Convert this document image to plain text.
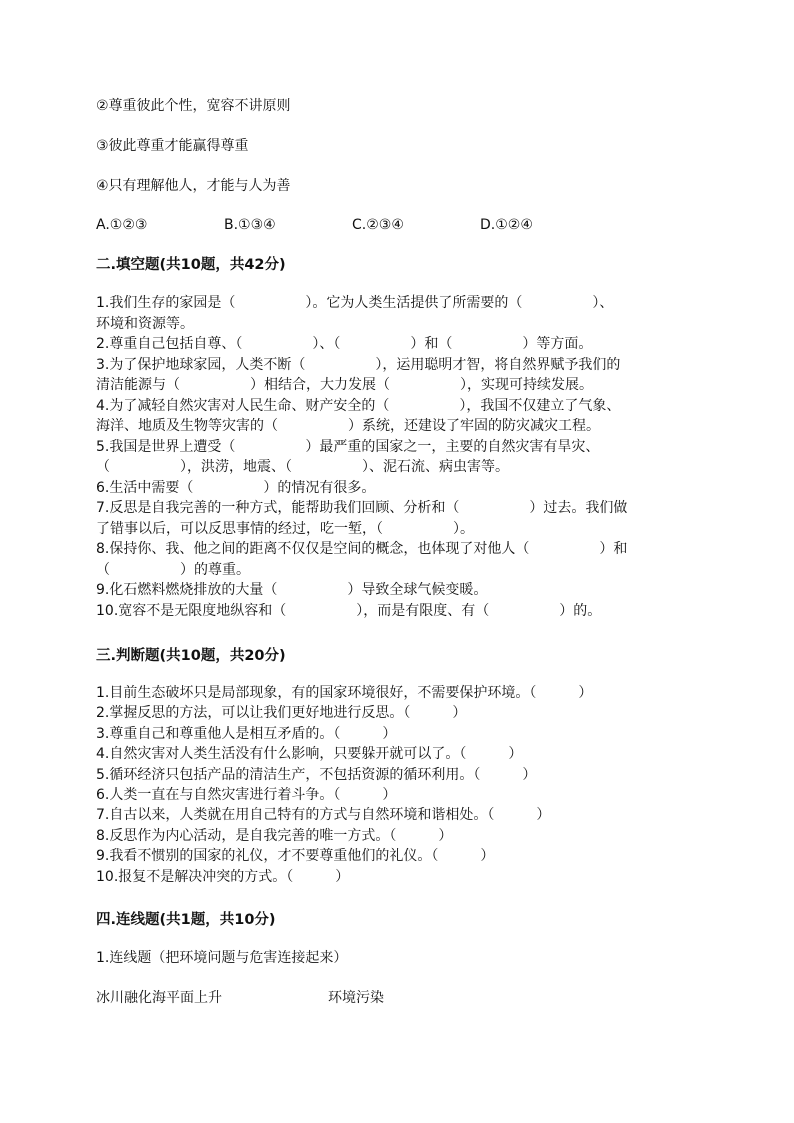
②尊重彼此个性，宽容不讲原则

③彼此尊重才能赢得尊重

④只有理解他人，才能与人为善

A.①②③	B.①③④	C.②③④	D.①②④
二.填空题(共10题，共42分)
1.我们生存的家园是（　　　　　）。它为人类生活提供了所需要的（　　　　　）、
环境和资源等。
2.尊重自己包括自尊、（　　　　　）、（　　　　　）和（　　　　　）等方面。
3.为了保护地球家园，人类不断（　　　　　），运用聪明才智，将自然界赋予我们的
清洁能源与（　　　　　）相结合，大力发展（　　　　　），实现可持续发展。
4.为了减轻自然灾害对人民生命、财产安全的（　　　　　），我国不仅建立了气象、
海洋、地质及生物等灾害的（　　　　　）系统，还建设了牢固的防灾减灾工程。
5.我国是世界上遭受（　　　　　）最严重的国家之一，主要的自然灾害有旱灾、
（　　　　　），洪涝，地震、（　　　　　）、泥石流、病虫害等。
6.生活中需要（　　　　　）的情况有很多。
7.反思是自我完善的一种方式，能帮助我们回顾、分析和（　　　　　）过去。我们做
了错事以后，可以反思事情的经过，吃一堑，（　　　　　）。
8.保持你、我、他之间的距离不仅仅是空间的概念，也体现了对他人（　　　　　）和
（　　　　　）的尊重。
9.化石燃料燃烧排放的大量（　　　　　）导致全球气候变暖。
10.宽容不是无限度地纵容和（　　　　　），而是有限度、有（　　　　　）的。
三.判断题(共10题，共20分)
1.目前生态破坏只是局部现象，有的国家环境很好，不需要保护环境。（　　　）
2.掌握反思的方法，可以让我们更好地进行反思。（　　　）
3.尊重自己和尊重他人是相互矛盾的。（　　　）
4.自然灾害对人类生活没有什么影响，只要躲开就可以了。（　　　）
5.循环经济只包括产品的清洁生产，不包括资源的循环利用。（　　　）
6.人类一直在与自然灾害进行着斗争。（　　　）
7.自古以来，人类就在用自己特有的方式与自然环境和谐相处。（　　　）
8.反思作为内心活动，是自我完善的唯一方式。（　　　）
9.我看不惯别的国家的礼仪，才不要尊重他们的礼仪。（　　　）
10.报复不是解决冲突的方式。（　　　）
四.连线题(共1题，共10分)

1.连线题（把环境问题与危害连接起来）

冰川融化海平面上升	环境污染
